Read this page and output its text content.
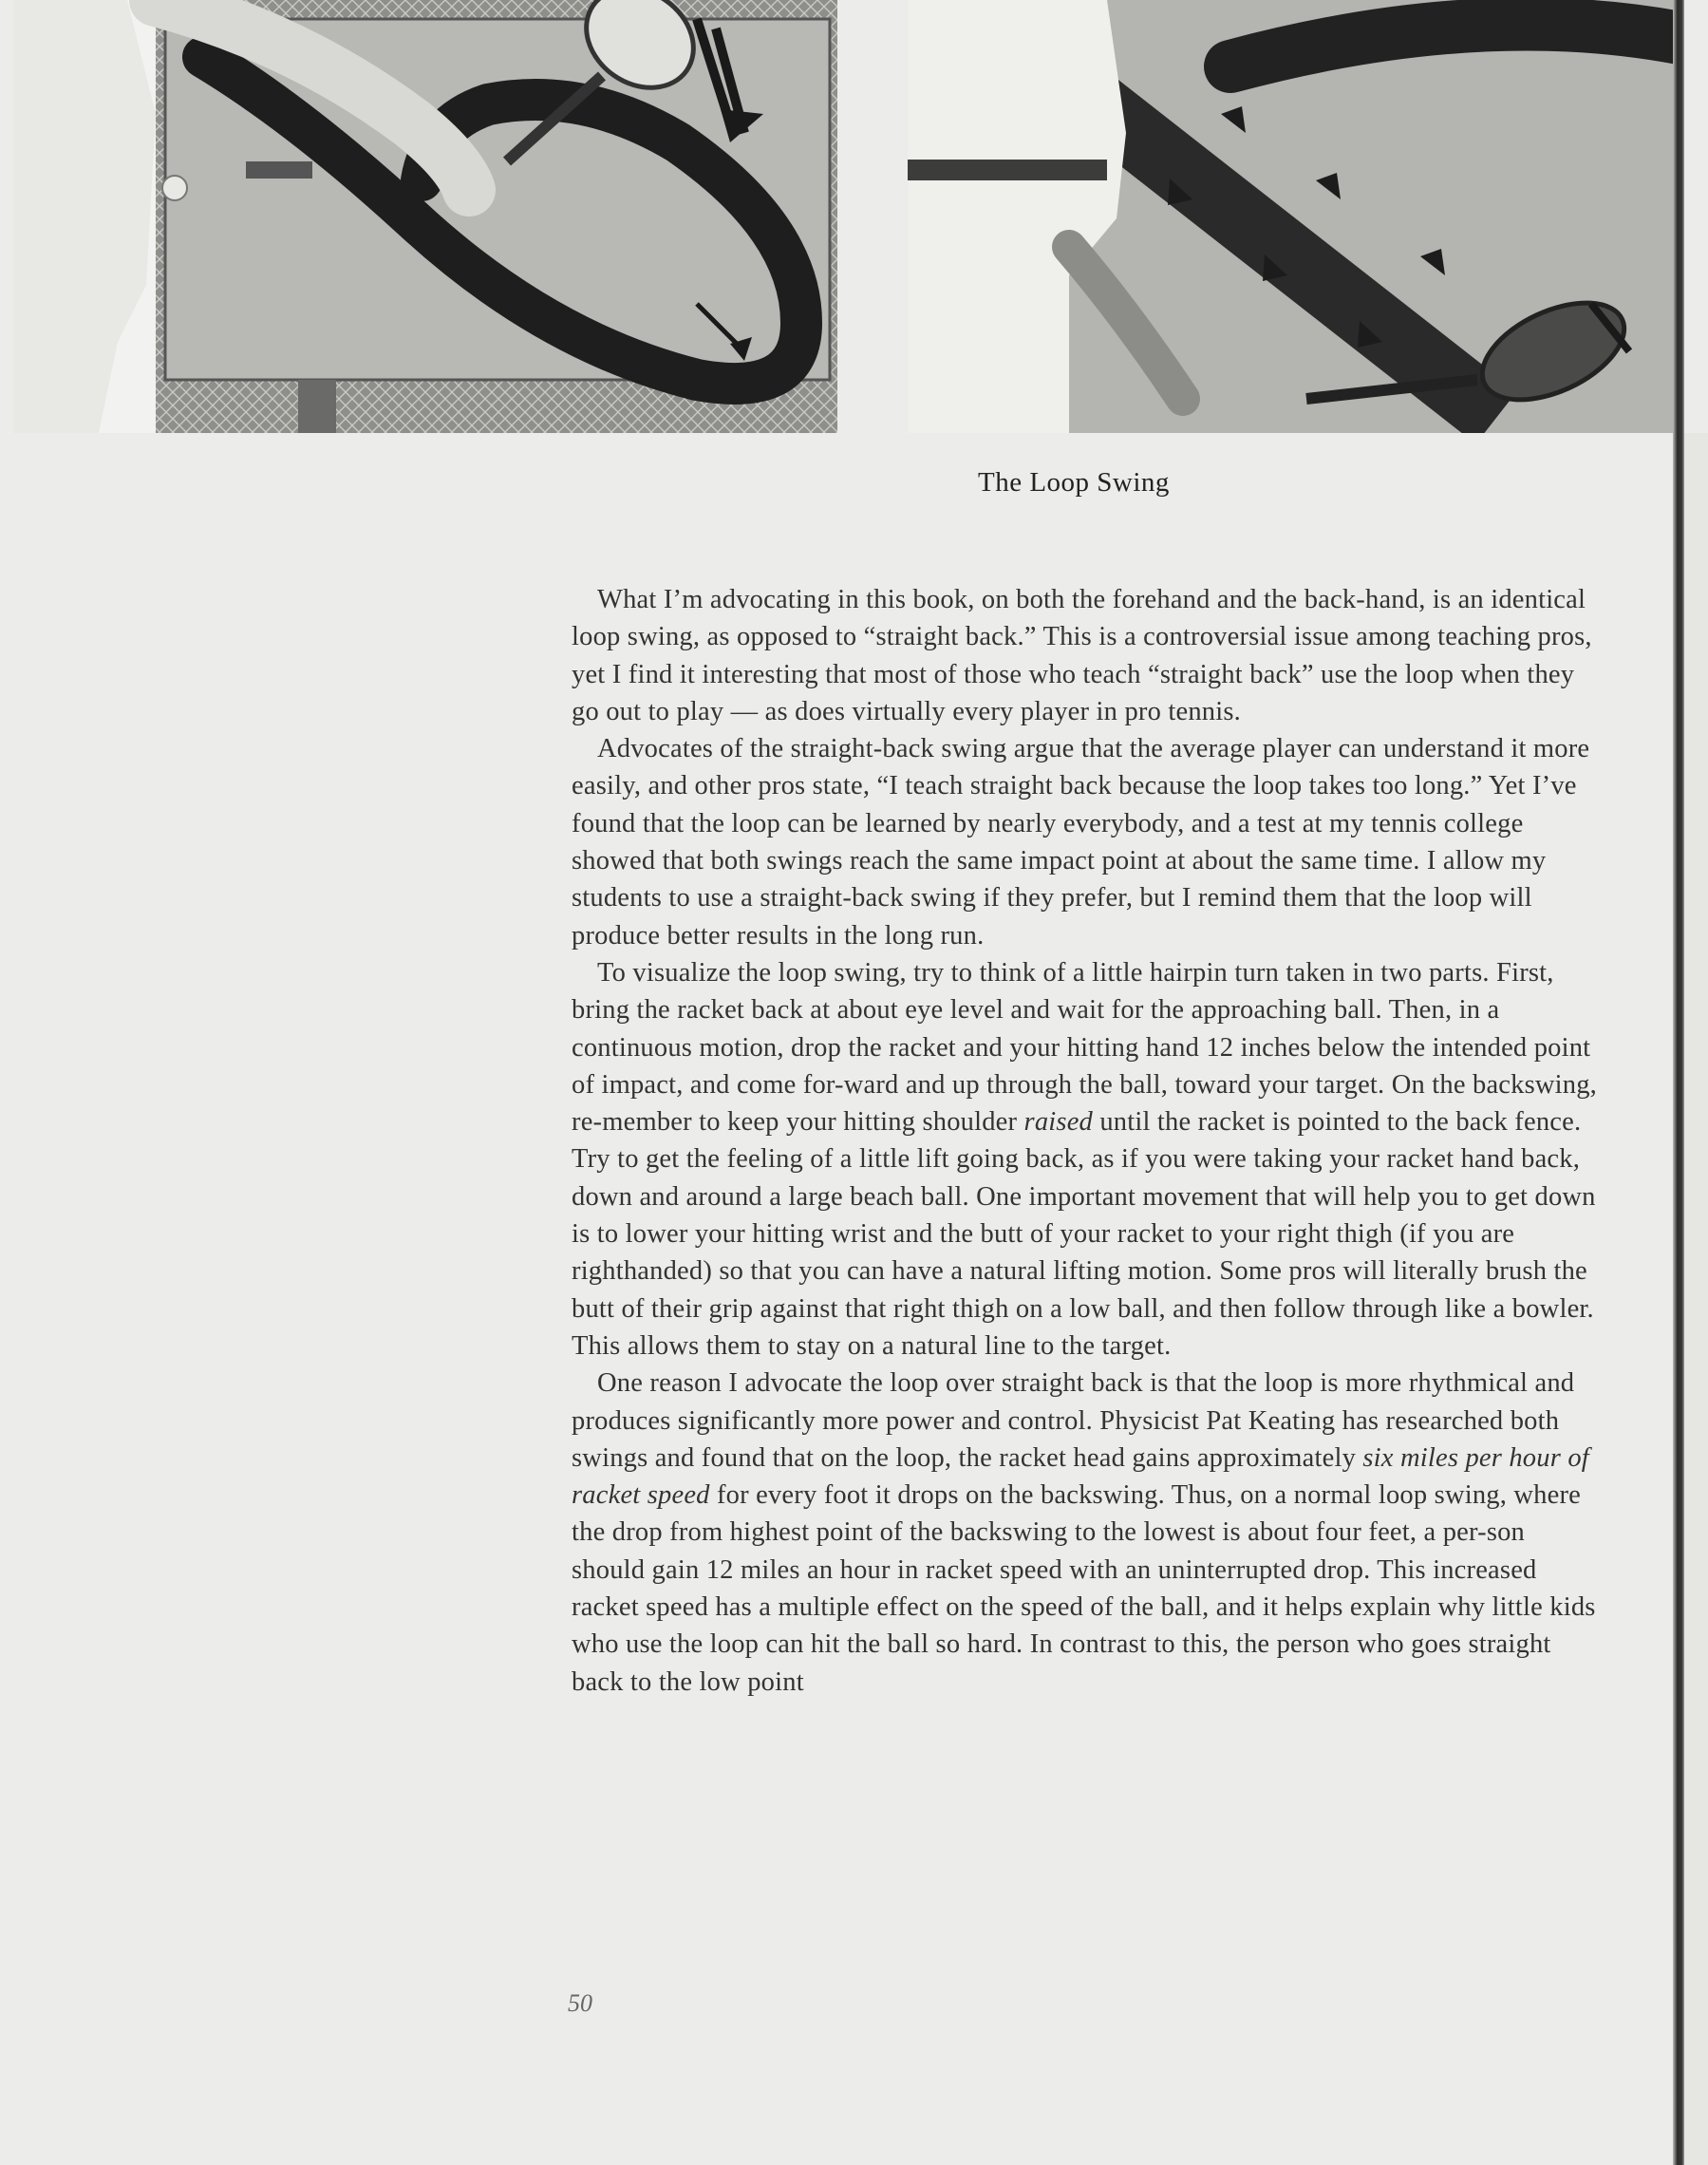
The Loop Swing

What I’m advocating in this book, on both the forehand and the back-hand, is an identical loop swing, as opposed to “straight back.” This is a controversial issue among teaching pros, yet I find it interesting that most of those who teach “straight back” use the loop when they go out to play — as does virtually every player in pro tennis.

Advocates of the straight-back swing argue that the average player can understand it more easily, and other pros state, “I teach straight back because the loop takes too long.” Yet I’ve found that the loop can be learned by nearly everybody, and a test at my tennis college showed that both swings reach the same impact point at about the same time. I allow my students to use a straight-back swing if they prefer, but I remind them that the loop will produce better results in the long run.

To visualize the loop swing, try to think of a little hairpin turn taken in two parts. First, bring the racket back at about eye level and wait for the approaching ball. Then, in a continuous motion, drop the racket and your hitting hand 12 inches below the intended point of impact, and come for-ward and up through the ball, toward your target. On the backswing, re-member to keep your hitting shoulder raised until the racket is pointed to the back fence. Try to get the feeling of a little lift going back, as if you were taking your racket hand back, down and around a large beach ball. One important movement that will help you to get down is to lower your hitting wrist and the butt of your racket to your right thigh (if you are righthanded) so that you can have a natural lifting motion. Some pros will literally brush the butt of their grip against that right thigh on a low ball, and then follow through like a bowler. This allows them to stay on a natural line to the target.

One reason I advocate the loop over straight back is that the loop is more rhythmical and produces significantly more power and control. Physicist Pat Keating has researched both swings and found that on the loop, the racket head gains approximately six miles per hour of racket speed for every foot it drops on the backswing. Thus, on a normal loop swing, where the drop from highest point of the backswing to the lowest is about four feet, a per-son should gain 12 miles an hour in racket speed with an uninterrupted drop. This increased racket speed has a multiple effect on the speed of the ball, and it helps explain why little kids who use the loop can hit the ball so hard. In contrast to this, the person who goes straight back to the low point

50
